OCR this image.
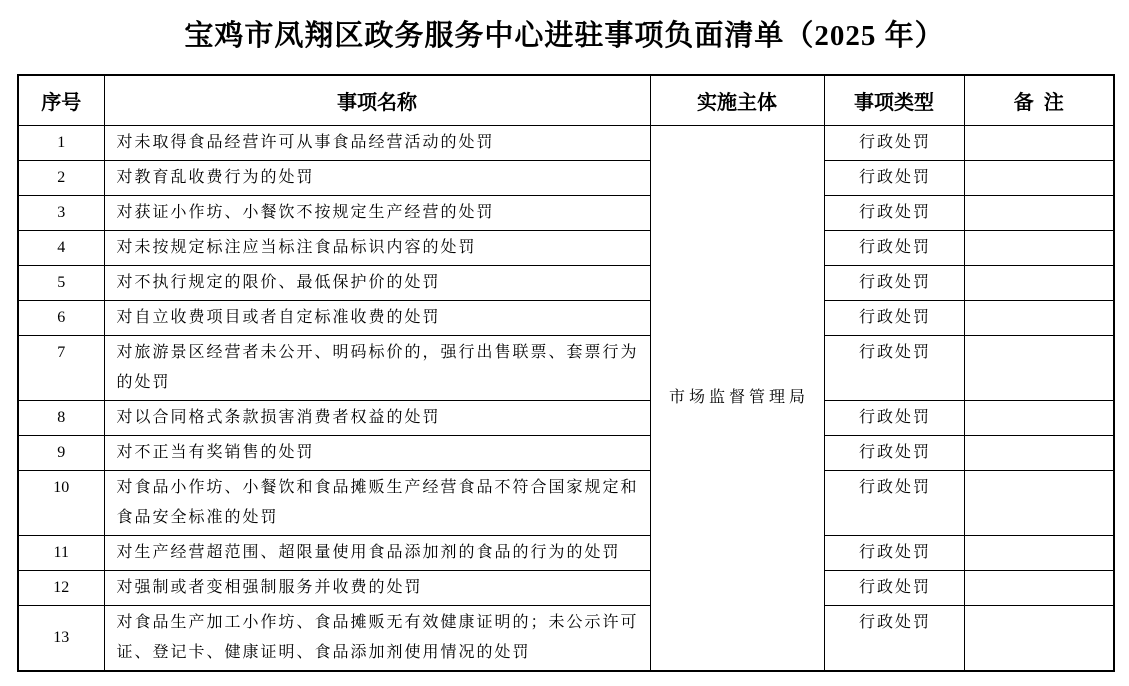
宝鸡市凤翔区政务服务中心进驻事项负面清单（2025 年）
序号	事项名称	实施主体	事项类型	备注
1	对未取得食品经营许可从事食品经营活动的处罚	市场监督管理局	行政处罚	
2	对教育乱收费行为的处罚		行政处罚	
3	对获证小作坊、小餐饮不按规定生产经营的处罚		行政处罚	
4	对未按规定标注应当标注食品标识内容的处罚		行政处罚	
5	对不执行规定的限价、最低保护价的处罚		行政处罚	
6	对自立收费项目或者自定标准收费的处罚		行政处罚	
7	对旅游景区经营者未公开、明码标价的，强行出售联票、套票行为的处罚		行政处罚	
8	对以合同格式条款损害消费者权益的处罚		行政处罚	
9	对不正当有奖销售的处罚		行政处罚	
10	对食品小作坊、小餐饮和食品摊贩生产经营食品不符合国家规定和食品安全标准的处罚		行政处罚	
11	对生产经营超范围、超限量使用食品添加剂的食品的行为的处罚		行政处罚	
12	对强制或者变相强制服务并收费的处罚		行政处罚	
13	对食品生产加工小作坊、食品摊贩无有效健康证明的；未公示许可证、登记卡、健康证明、食品添加剂使用情况的处罚		行政处罚	
